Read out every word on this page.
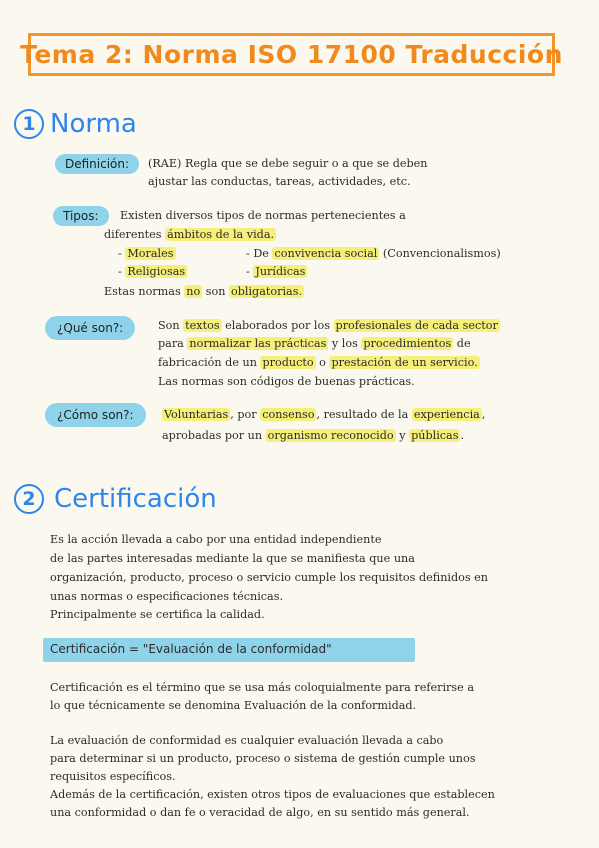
Tema 2: Norma ISO 17100 Traducción
1 Norma
Definición:	(RAE) Regla que se debe seguir o a que se deben
ajustar las conductas, tareas, actividades, etc.
Tipos:	Existen diversos tipos de normas pertenecientes a
diferentes ámbitos de la vida.
- Morales	- De convivencia social (Convencionalismos)
- Religiosas	- Jurídicas
Estas normas no son obligatorias.
¿Qué son?:	Son textos elaborados por los profesionales de cada sector
para normalizar las prácticas y los procedimientos de
fabricación de un producto o prestación de un servicio.
Las normas son códigos de buenas prácticas.
¿Cómo son?:	Voluntarias , por consenso , resultado de la experiencia ,
aprobadas por un organismo reconocido y públicas .
2 Certificación
Es la acción llevada a cabo por una entidad independiente
de las partes interesadas mediante la que se manifiesta que una
organización, producto, proceso o servicio cumple los requisitos definidos en
unas normas o especificaciones técnicas.
Principalmente se certifica la calidad.
Certificación = "Evaluación de la conformidad"
Certificación es el término que se usa más coloquialmente para referirse a
lo que técnicamente se denomina Evaluación de la conformidad.
La evaluación de conformidad es cualquier evaluación llevada a cabo
para determinar si un producto, proceso o sistema de gestión cumple unos
requisitos específicos.
Además de la certificación, existen otros tipos de evaluaciones que establecen
una conformidad o dan fe o veracidad de algo, en su sentido más general.
